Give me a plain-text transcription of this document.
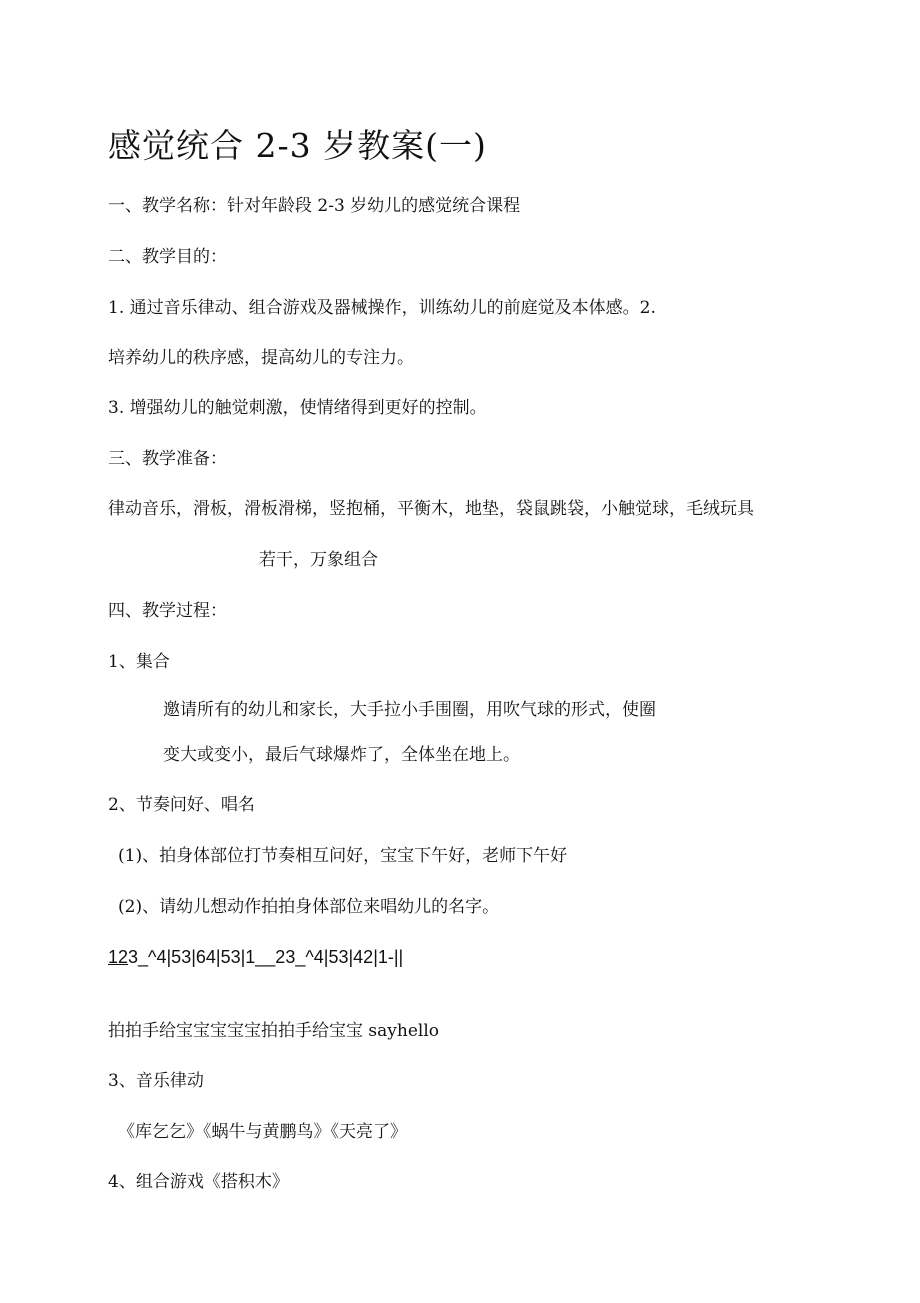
感觉统合 2-3 岁教案(一)
一、教学名称：针对年龄段 2-3 岁幼儿的感觉统合课程
二、教学目的：
1. 通过音乐律动、组合游戏及器械操作，训练幼儿的前庭觉及本体感。2.
培养幼儿的秩序感，提高幼儿的专注力。
3. 增强幼儿的触觉刺激，使情绪得到更好的控制。
三、教学准备：
律动音乐，滑板，滑板滑梯，竖抱桶，平衡木，地垫，袋鼠跳袋，小触觉球，毛绒玩具
若干，万象组合
四、教学过程：
1、集合
邀请所有的幼儿和家长，大手拉小手围圈，用吹气球的形式，使圈
变大或变小，最后气球爆炸了，全体坐在地上。
2、节奏问好、唱名
(1)、拍身体部位打节奏相互问好，宝宝下午好，老师下午好
(2)、请幼儿想动作拍拍身体部位来唱幼儿的名字。
123_^4|53|64|53|1__23_^4|53|42|1-||
拍拍手给宝宝宝宝宝拍拍手给宝宝 sayhello
3、音乐律动
《库乞乞》《蜗牛与黄鹏鸟》《天亮了》
4、组合游戏《搭积木》
